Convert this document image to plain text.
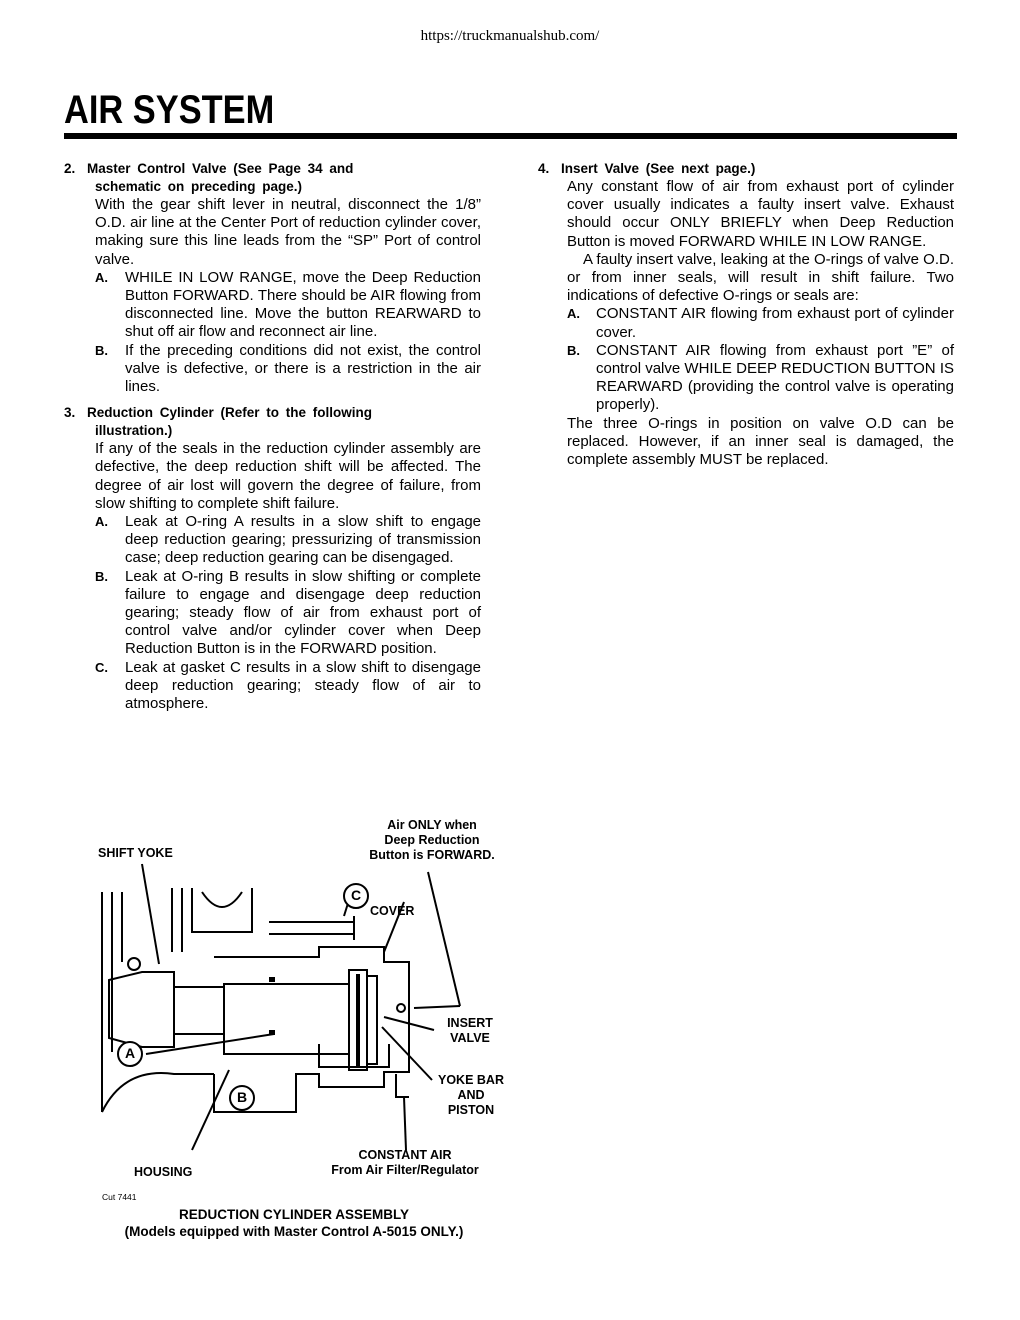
https://truckmanualshub.com/
AIR SYSTEM
2. Master Control Valve (See Page 34 and
schematic on preceding page.)
With the gear shift lever in neutral, disconnect the 1/8” O.D. air line at the Center Port of reduction cylinder cover, making sure this line leads from the “SP” Port of control valve.
A. WHILE IN LOW RANGE, move the Deep Reduction Button FORWARD. There should be AIR flowing from disconnected line. Move the button REARWARD to shut off air flow and reconnect air line.
B. If the preceding conditions did not exist, the control valve is defective, or there is a restriction in the air lines.
3. Reduction Cylinder (Refer to the following
illustration.)
If any of the seals in the reduction cylinder assembly are defective, the deep reduction shift will be affected. The degree of air lost will govern the degree of failure, from slow shifting to complete shift failure.
A. Leak at O-ring A results in a slow shift to engage deep reduction gearing; pressurizing of transmission case; deep reduction gearing can be disengaged.
B. Leak at O-ring B results in slow shifting or complete failure to engage and disengage deep reduction gearing; steady flow of air from exhaust port of control valve and/or cylinder cover when Deep Reduction Button is in the FORWARD position.
C. Leak at gasket C results in a slow shift to disengage deep reduction gearing; steady flow of air to atmosphere.
4. Insert Valve (See next page.)
Any constant flow of air from exhaust port of cylinder cover usually indicates a faulty insert valve. Exhaust should occur ONLY BRIEFLY when Deep Reduction Button is moved FORWARD WHILE IN LOW RANGE.
A faulty insert valve, leaking at the O-rings of valve O.D. or from inner seals, will result in shift failure. Two indications of defective O-rings or seals are:
A. CONSTANT AIR flowing from exhaust port of cylinder cover.
B. CONSTANT AIR flowing from exhaust port ”E” of control valve WHILE DEEP REDUCTION BUTTON IS REARWARD (providing the control valve is operating properly).
The three O-rings in position on valve O.D can be replaced. However, if an inner seal is damaged, the complete assembly MUST be replaced.
Air ONLY when
Deep Reduction
Button is FORWARD.
SHIFT YOKE
COVER
INSERT
VALVE
YOKE BAR
AND
PISTON
CONSTANT AIR
From Air Filter/Regulator
HOUSING
C
A
B
Cut 7441
REDUCTION CYLINDER ASSEMBLY
(Models equipped with Master Control A-5015 ONLY.)
